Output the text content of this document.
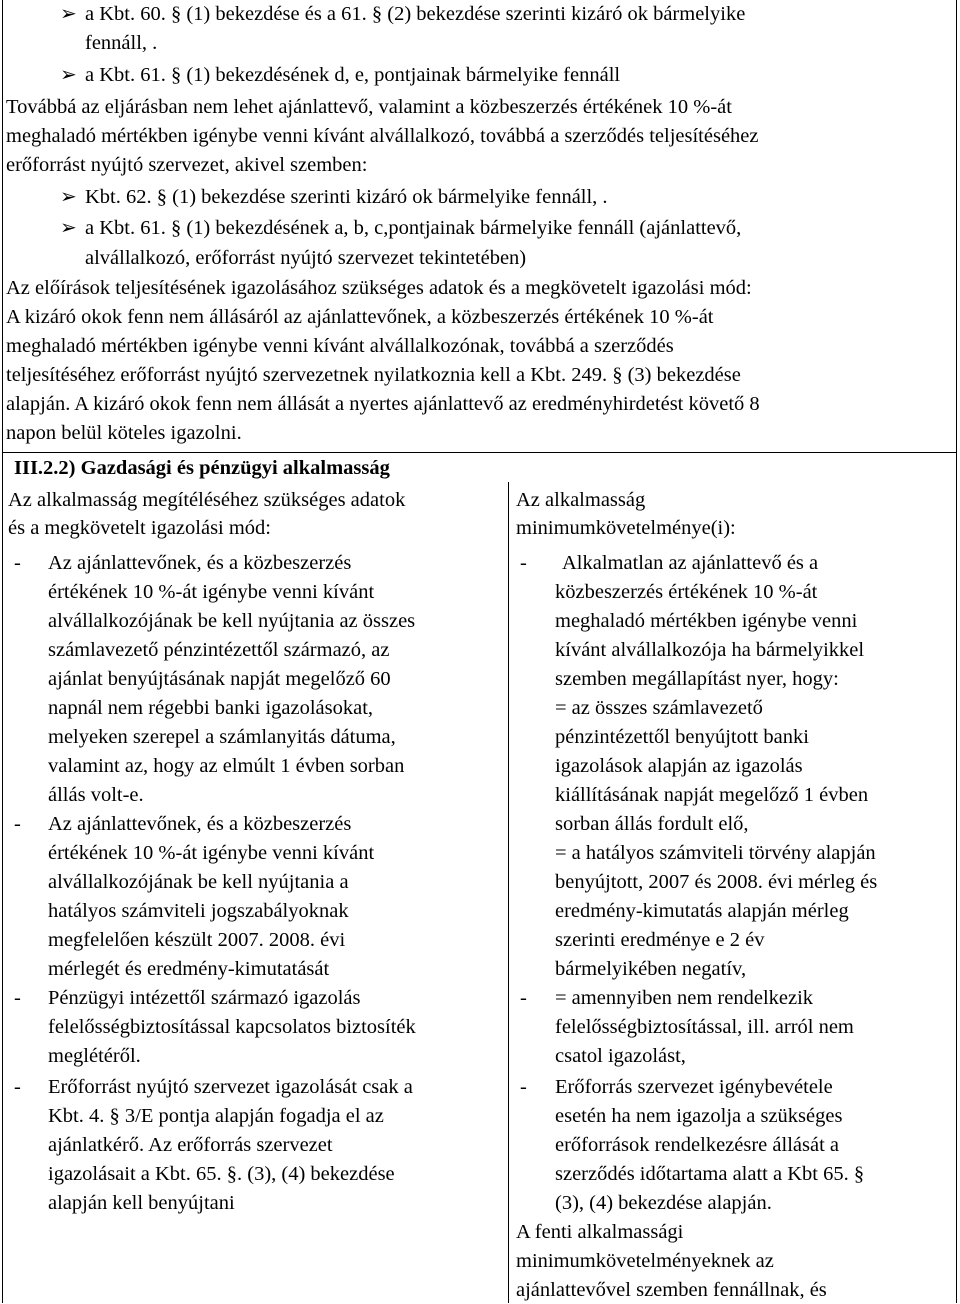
➢ a Kbt. 60. § (1) bekezdése és a 61. § (2) bekezdése szerinti kizáró ok bármelyike
fennáll, .
➢ a Kbt. 61. § (1) bekezdésének d, e, pontjainak bármelyike fennáll
Továbbá az eljárásban nem lehet ajánlattevő, valamint a közbeszerzés értékének 10 %-át
meghaladó mértékben igénybe venni kívánt alvállalkozó, továbbá a szerződés teljesítéséhez
erőforrást nyújtó szervezet, akivel szemben:
➢ Kbt. 62. § (1) bekezdése szerinti kizáró ok bármelyike fennáll, .
➢ a Kbt. 61. § (1) bekezdésének a, b, c,pontjainak bármelyike fennáll (ajánlattevő,
alvállalkozó, erőforrást nyújtó szervezet tekintetében)
Az előírások teljesítésének igazolásához szükséges adatok és a megkövetelt igazolási mód:
A kizáró okok fenn nem állásáról az ajánlattevőnek, a közbeszerzés értékének 10 %-át
meghaladó mértékben igénybe venni kívánt alvállalkozónak, továbbá a szerződés
teljesítéséhez erőforrást nyújtó szervezetnek nyilatkoznia kell a Kbt. 249. § (3) bekezdése
alapján. A kizáró okok fenn nem állását a nyertes ajánlattevő az eredményhirdetést követő 8
napon belül köteles igazolni.
III.2.2) Gazdasági és pénzügyi alkalmasság
Az alkalmasság megítéléséhez szükséges adatok
és a megkövetelt igazolási mód:
- Az ajánlattevőnek, és a közbeszerzés
értékének 10 %-át igénybe venni kívánt
alvállalkozójának be kell nyújtania az összes
számlavezető pénzintézettől származó, az
ajánlat benyújtásának napját megelőző 60
napnál nem régebbi banki igazolásokat,
melyeken szerepel a számlanyitás dátuma,
valamint az, hogy az elmúlt 1 évben sorban
állás volt-e.
- Az ajánlattevőnek, és a közbeszerzés
értékének 10 %-át igénybe venni kívánt
alvállalkozójának be kell nyújtania a
hatályos számviteli jogszabályoknak
megfelelően készült 2007. 2008. évi
mérlegét és eredmény-kimutatását
- Pénzügyi intézettől származó igazolás
felelősségbiztosítással kapcsolatos biztosíték
meglétéről.
- Erőforrást nyújtó szervezet igazolását csak a
Kbt. 4. § 3/E pontja alapján fogadja el az
ajánlatkérő. Az erőforrás szervezet
igazolásait a Kbt. 65. §. (3), (4) bekezdése
alapján kell benyújtani
Az alkalmasság
minimumkövetelménye(i):
- Alkalmatlan az ajánlattevő és a
közbeszerzés értékének 10 %-át
meghaladó mértékben igénybe venni
kívánt alvállalkozója ha bármelyikkel
szemben megállapítást nyer, hogy:
= az összes számlavezető
pénzintézettől benyújtott banki
igazolások alapján az igazolás
kiállításának napját megelőző 1 évben
sorban állás fordult elő,
= a hatályos számviteli törvény alapján
benyújtott, 2007 és 2008. évi mérleg és
eredmény-kimutatás alapján mérleg
szerinti eredménye e 2 év
bármelyikében negatív,
- = amennyiben nem rendelkezik
felelősségbiztosítással, ill. arról nem
csatol igazolást,
- Erőforrás szervezet igénybevétele
esetén ha nem igazolja a szükséges
erőforrások rendelkezésre állását a
szerződés időtartama alatt a Kbt 65. §
(3), (4) bekezdése alapján.
A fenti alkalmassági
minimumkövetelményeknek az
ajánlattevővel szemben fennállnak, és
